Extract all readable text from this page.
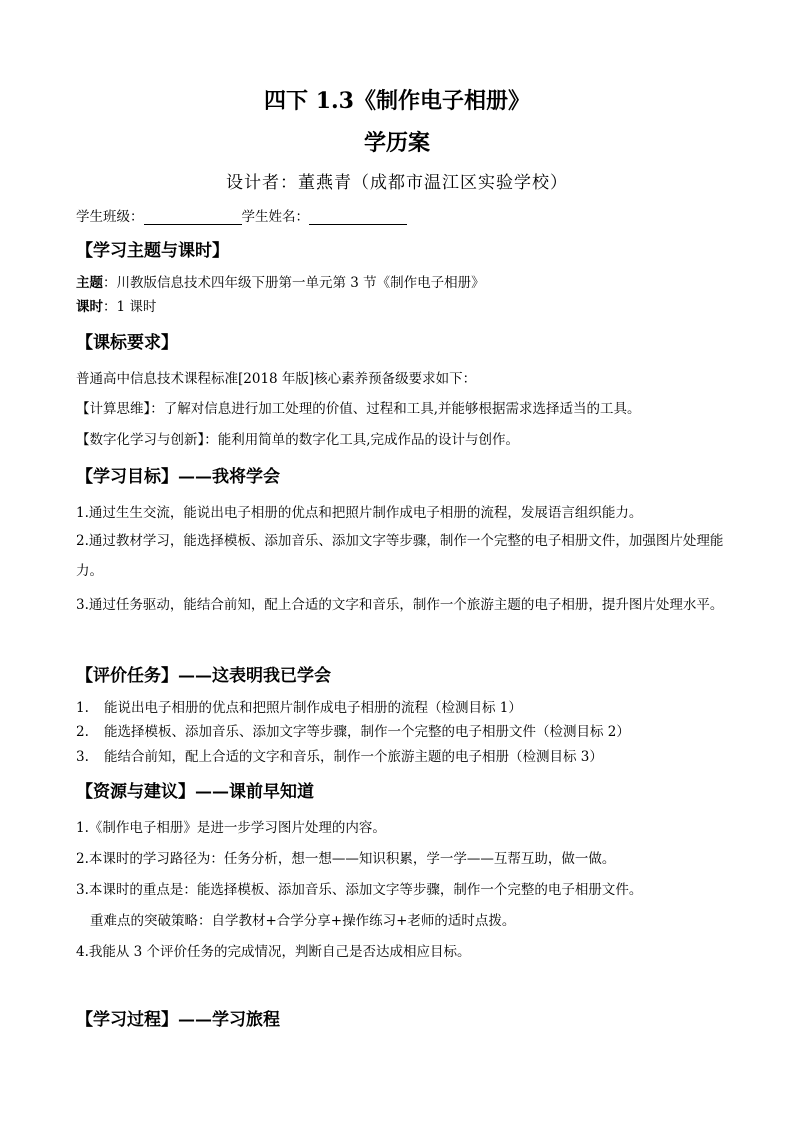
四下 1.3《制作电子相册》
学历案
设计者：董燕青（成都市温江区实验学校）
学生班级：	学生姓名：
【学习主题与课时】
主题：川教版信息技术四年级下册第一单元第 3 节《制作电子相册》
课时：1 课时
【课标要求】
普通高中信息技术课程标准[2018 年版]核心素养预备级要求如下：
【计算思维】：了解对信息进行加工处理的价值、过程和工具,并能够根据需求选择适当的工具。
【数字化学习与创新】：能利用简单的数字化工具,完成作品的设计与创作。
【学习目标】——我将学会
1.通过生生交流，能说出电子相册的优点和把照片制作成电子相册的流程，发展语言组织能力。
2.通过教材学习，能选择模板、添加音乐、添加文字等步骤，制作一个完整的电子相册文件，加强图片处理能力。
3.通过任务驱动，能结合前知，配上合适的文字和音乐，制作一个旅游主题的电子相册，提升图片处理水平。
【评价任务】——这表明我已学会
1. 能说出电子相册的优点和把照片制作成电子相册的流程（检测目标 1）
2. 能选择模板、添加音乐、添加文字等步骤，制作一个完整的电子相册文件（检测目标 2）
3. 能结合前知，配上合适的文字和音乐，制作一个旅游主题的电子相册（检测目标 3）
【资源与建议】——课前早知道
1.《制作电子相册》是进一步学习图片处理的内容。
2.本课时的学习路径为：任务分析，想一想——知识积累，学一学——互帮互助，做一做。
3.本课时的重点是：能选择模板、添加音乐、添加文字等步骤，制作一个完整的电子相册文件。
重难点的突破策略：自学教材+合学分享+操作练习+老师的适时点拨。
4.我能从 3 个评价任务的完成情况，判断自己是否达成相应目标。
【学习过程】——学习旅程
